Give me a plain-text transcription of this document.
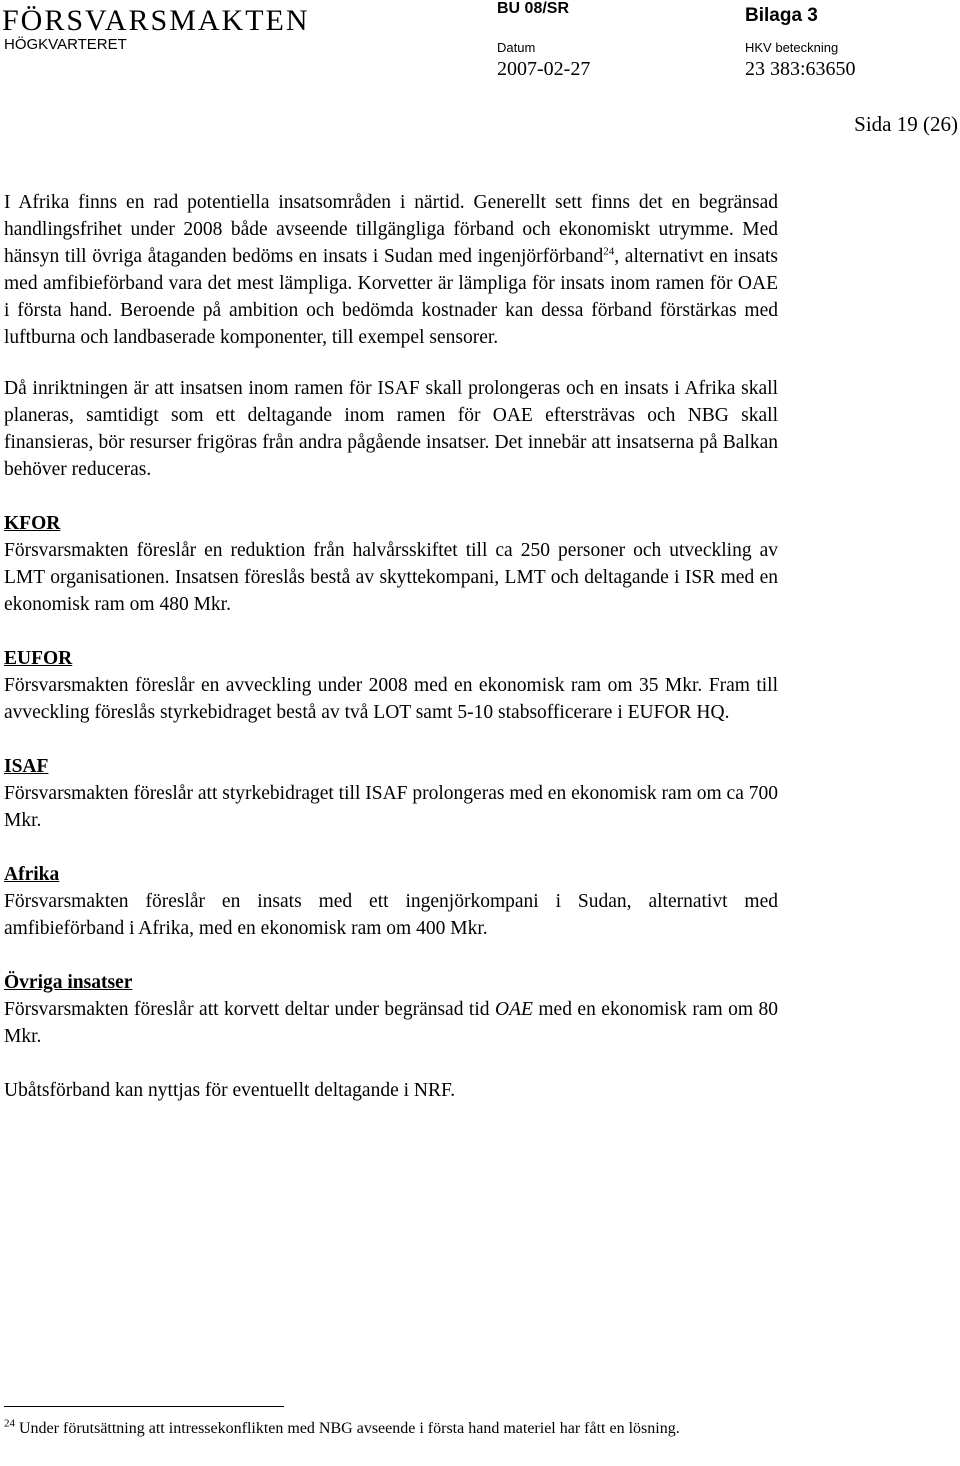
FÖRSVARSMAKTEN
HÖGKVARTERET
BU 08/SR	Bilaga 3
Datum	HKV beteckning
2007-02-27	23 383:63650
Sida 19 (26)

I Afrika finns en rad potentiella insatsområden i närtid. Generellt sett finns det en begränsad handlingsfrihet under 2008 både avseende tillgängliga förband och ekonomiskt utrymme. Med hänsyn till övriga åtaganden bedöms en insats i Sudan med ingenjörförband$^{24}$, alternativt en insats med amfibieförband vara det mest lämpliga. Korvetter är lämpliga för insats inom ramen för OAE i första hand. Beroende på ambition och bedömda kostnader kan dessa förband förstärkas med luftburna och landbaserade komponenter, till exempel sensorer.

Då inriktningen är att insatsen inom ramen för ISAF skall prolongeras och en insats i Afrika skall planeras, samtidigt som ett deltagande inom ramen för OAE eftersträvas och NBG skall finansieras, bör resurser frigöras från andra pågående insatser. Det innebär att insatserna på Balkan behöver reduceras.

KFOR

Försvarsmakten föreslår en reduktion från halvårsskiftet till ca 250 personer och utveckling av LMT organisationen. Insatsen föreslås bestå av skyttekompani, LMT och deltagande i ISR med en ekonomisk ram om 480 Mkr.

EUFOR

Försvarsmakten föreslår en avveckling under 2008 med en ekonomisk ram om 35 Mkr. Fram till avveckling föreslås styrkebidraget bestå av två LOT samt 5-10 stabsofficerare i EUFOR HQ.

ISAF

Försvarsmakten föreslår att styrkebidraget till ISAF prolongeras med en ekonomisk ram om ca 700 Mkr.

Afrika

Försvarsmakten föreslår en insats med ett ingenjörkompani i Sudan, alternativt med amfibieförband i Afrika, med en ekonomisk ram om 400 Mkr.

Övriga insatser

Försvarsmakten föreslår att korvett deltar under begränsad tid OAE med en ekonomisk ram om 80 Mkr.

Ubåtsförband kan nyttjas för eventuellt deltagande i NRF.

$^{24}$ Under förutsättning att intressekonflikten med NBG avseende i första hand materiel har fått en lösning.
